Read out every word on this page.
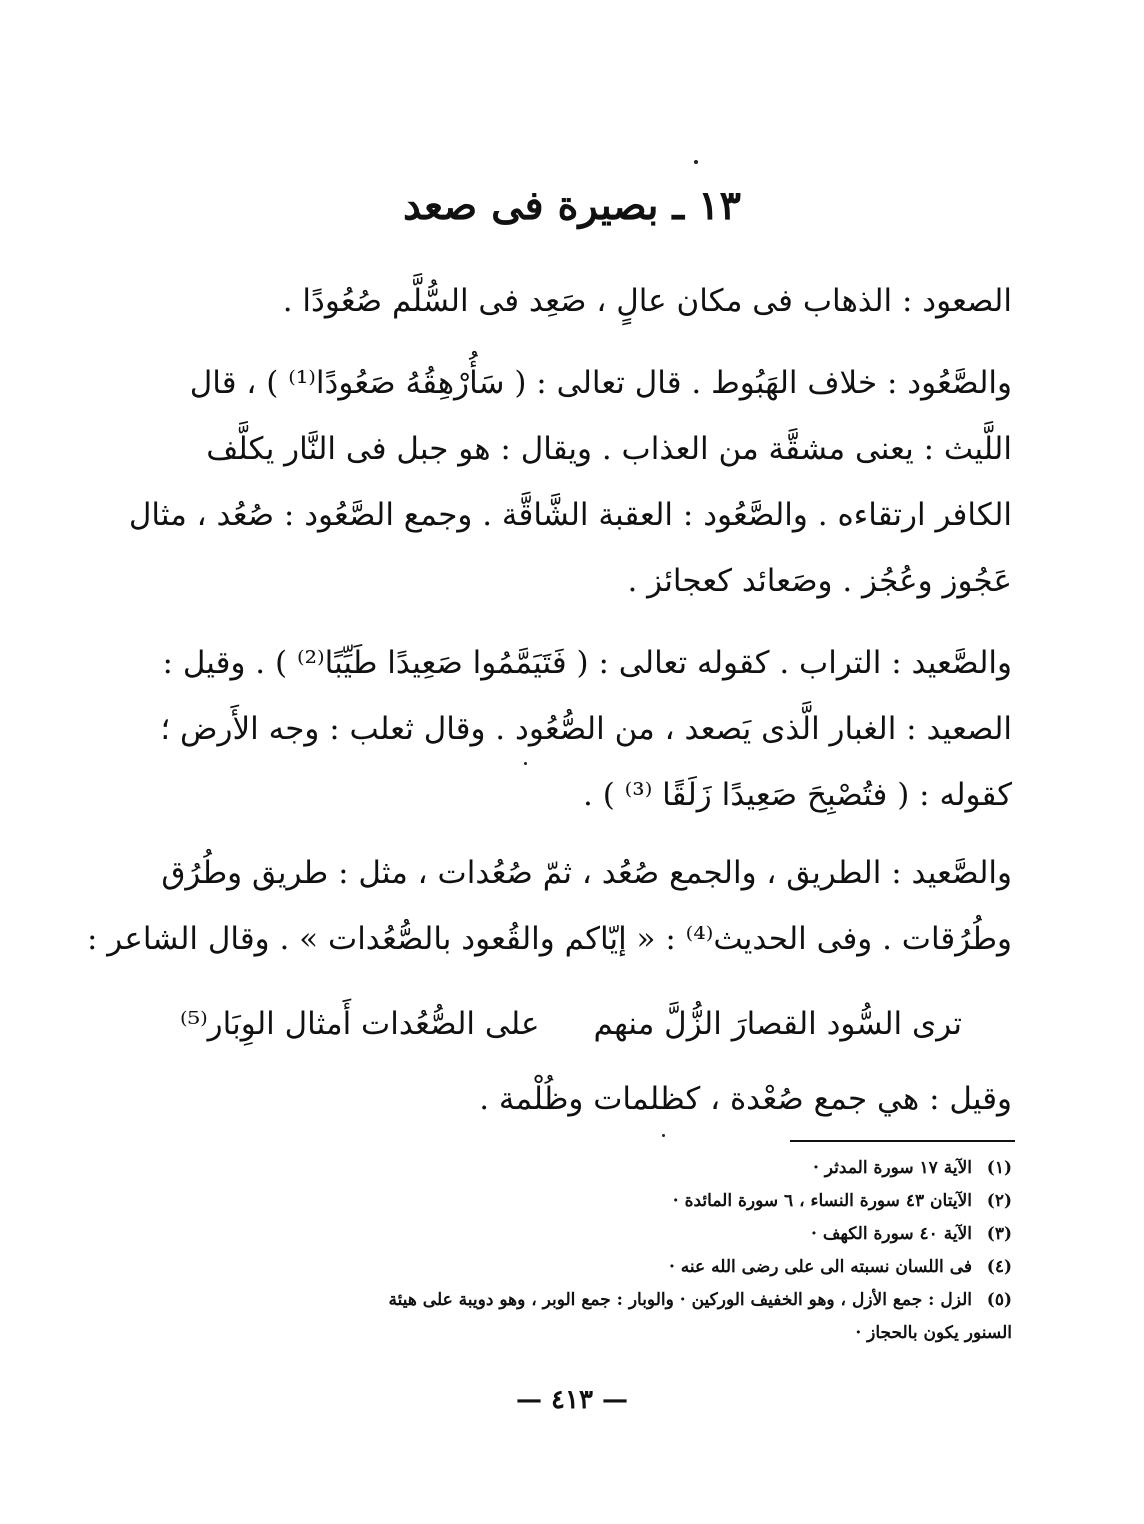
١٣ ـ بصيرة فى صعد
الصعود : الذهاب فى مكان عالٍ ، صَعِد فى السُّلَّم صُعُودًا .
والصَّعُود : خلاف الهَبُوط . قال تعالى : ( سَأُرْهِقُهُ صَعُودًا⁽¹⁾ ) ، قال
اللَّيث : يعنى مشقَّة من العذاب . ويقال : هو جبل فى النَّار يكلَّف
الكافر ارتقاءه . والصَّعُود : العقبة الشَّاقَّة . وجمع الصَّعُود : صُعُد ، مثال
عَجُوز وعُجُز . وصَعائد كعجائز .
والصَّعيد : التراب . كقوله تعالى : ( فَتَيَمَّمُوا صَعِيدًا طَيِّبًا⁽²⁾ ) . وقيل :
الصعيد : الغبار الَّذى يَصعد ، من الصُّعُود . وقال ثعلب : وجه الأَرض ؛
كقوله : ( فتُصْبِحَ صَعِيدًا زَلَقًا ⁽³⁾ ) .
والصَّعيد : الطريق ، والجمع صُعُد ، ثمّ صُعُدات ، مثل : طريق وطُرُق
وطُرُقات . وفى الحديث⁽⁴⁾ : « إيّاكم والقُعود بالصُّعُدات » . وقال الشاعر :
ترى السُّود القصارَ الزُّلَّ منهم
على الصُّعُدات أَمثال الوِبَار⁽⁵⁾
وقيل : هي جمع صُعْدة ، كظلمات وظُلْمة .
(١)الآية ١٧ سورة المدثر ·
(٢)الآيتان ٤٣ سورة النساء ، ٦ سورة المائدة ·
(٣)الآية ٤٠ سورة الكهف ·
(٤)فى اللسان نسبته الى على رضى الله عنه ·
(٥)الزل : جمع الأزل ، وهو الخفيف الوركين · والوبار : جمع الوبر ، وهو دويبة على هيئة
السنور يكون بالحجاز ·
— ٤١٣ —
